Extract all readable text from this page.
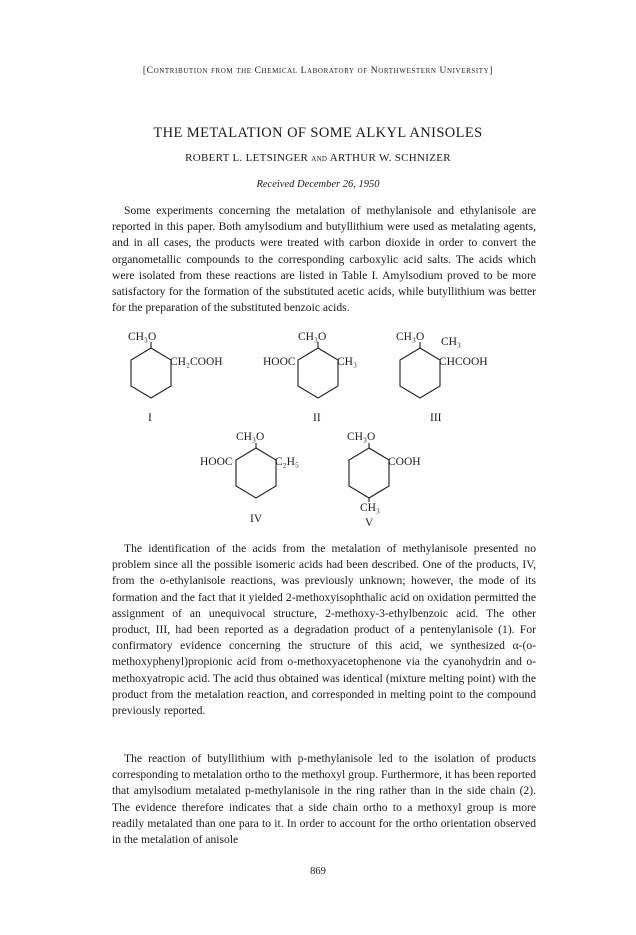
[Contribution from the Chemical Laboratory of Northwestern University]
THE METALATION OF SOME ALKYL ANISOLES
ROBERT L. LETSINGER and ARTHUR W. SCHNIZER
Received December 26, 1950

Some experiments concerning the metalation of methylanisole and ethylanisole are reported in this paper. Both amylsodium and butyllithium were used as metalating agents, and in all cases, the products were treated with carbon dioxide in order to convert the organometallic compounds to the corresponding carboxylic acid salts. The acids which were isolated from these reactions are listed in Table I. Amylsodium proved to be more satisfactory for the formation of the substituted acetic acids, while butyllithium was better for the preparation of the substituted benzoic acids.

CH₃O
CH₂COOH
I
CH₃O
HOOC	CH₃
II
CH₃O CH₃
CHCOOH
III
CH₃O
HOOC	C₂H₅
IV
CH₃O
COOH
CH₃
V

The identification of the acids from the metalation of methylanisole presented no problem since all the possible isomeric acids had been described. One of the products, IV, from the o-ethylanisole reactions, was previously unknown; however, the mode of its formation and the fact that it yielded 2-methoxyisophthalic acid on oxidation permitted the assignment of an unequivocal structure, 2-methoxy-3-ethylbenzoic acid. The other product, III, had been reported as a degradation product of a pentenylanisole (1). For confirmatory evidence concerning the structure of this acid, we synthesized α-(o-methoxyphenyl)propionic acid from o-methoxyacetophenone via the cyanohydrin and o-methoxyatropic acid. The acid thus obtained was identical (mixture melting point) with the product from the metalation reaction, and corresponded in melting point to the compound previously reported.

The reaction of butyllithium with p-methylanisole led to the isolation of products corresponding to metalation ortho to the methoxyl group. Furthermore, it has been reported that amylsodium metalated p-methylanisole in the ring rather than in the side chain (2). The evidence therefore indicates that a side chain ortho to a methoxyl group is more readily metalated than one para to it. In order to account for the ortho orientation observed in the metalation of anisole

869
